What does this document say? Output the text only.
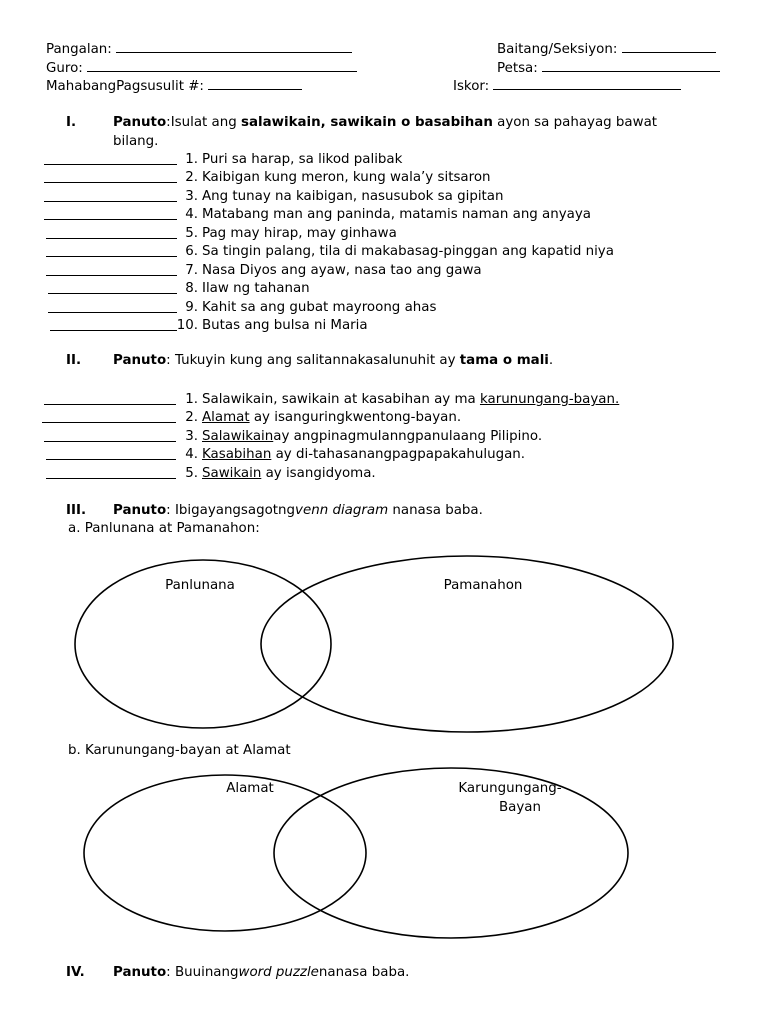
Pangalan:	Baitang/Seksiyon:
Guro:	Petsa:
MahabangPagsusulit #:	Iskor:
I.	Panuto:Isulat ang salawikain, sawikain o basabihan ayon sa pahayag bawat
bilang.
1. Puri sa harap, sa likod palibak
2. Kaibigan kung meron, kung wala’y sitsaron
3. Ang tunay na kaibigan, nasusubok sa gipitan
4. Matabang man ang paninda, matamis naman ang anyaya
5. Pag may hirap, may ginhawa
6. Sa tingin palang, tila di makabasag-pinggan ang kapatid niya
7. Nasa Diyos ang ayaw, nasa tao ang gawa
8. Ilaw ng tahanan
9. Kahit sa ang gubat mayroong ahas
10. Butas ang bulsa ni Maria
II. Panuto: Tukuyin kung ang salitannakasalunuhit ay tama o mali.
1. Salawikain, sawikain at kasabihan ay ma karunungang-bayan.
2. Alamat ay isanguringkwentong-bayan.
3. Salawikainay angpinagmulanngpanulaang Pilipino.
4. Kasabihan ay di-tahasanangpagpapakahulugan.
5. Sawikain ay isangidyoma.
III. Panuto: Ibigayangsagotngvenn diagram nanasa baba.
a. Panlunana at Pamanahon:
Panlunana	Pamanahon
b. Karunungang-bayan at Alamat
Alamat	Karungungang-
Bayan
IV. Panuto: Buuinangword puzzlenanasa baba.
